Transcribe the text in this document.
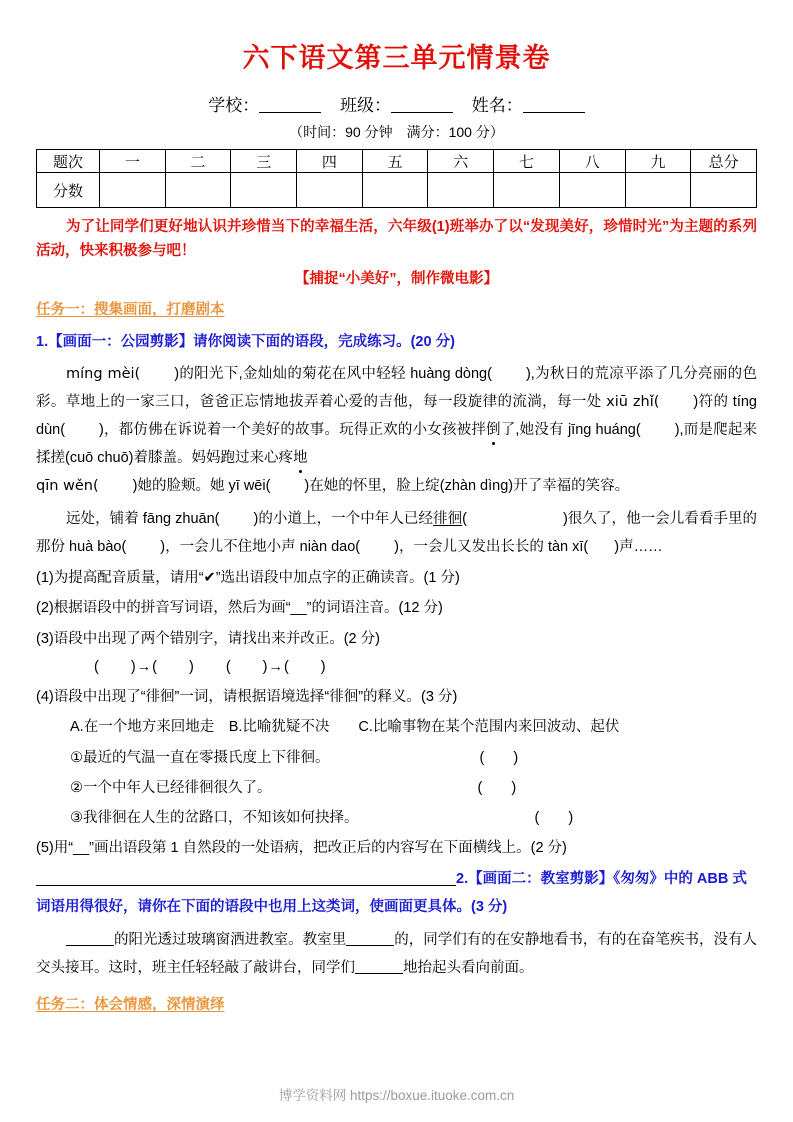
六下语文第三单元情景卷
学校：	班级：	姓名：
（时间：90 分钟　满分：100 分）
题次	一	二	三	四	五	六	七	八	九	总分
分数										
为了让同学们更好地认识并珍惜当下的幸福生活，六年级(1)班举办了以“发现美好，珍惜时光”为主题的系列活动，快来积极参与吧！
【捕捉“小美好”，制作微电影】
任务一：搜集画面，打磨剧本
1.【画面一：公园剪影】请你阅读下面的语段，完成练习。(20 分)
míng mèi( )的阳光下,金灿灿的菊花在风中轻轻 huàng dòng( ),为秋日的荒凉平添了几分亮丽的色彩。草地上的一家三口，爸爸正忘情地拔弄着心爱的吉他，每一段旋律的流淌，每一处 xiū zhǐ( )符的 tíng dùn( )，都仿佛在诉说着一个美好的故事。玩得正欢的小女孩被拌倒了,她没有 jīng huáng( ),而是爬起来揉搓(cuō chuō)着膝盖。妈妈跑过来心疼地
qīn wěn( )她的脸颊。她 yī wēi( )在她的怀里，脸上绽(zhàn dìng)开了幸福的笑容。
远处，铺着 fāng zhuān( )的小道上，一个中年人已经徘徊(	)很久了，他一会儿看看手里的那份 huà bào( )，一会儿不住地小声 niàn dao( )，一会儿又发出长长的 tàn xī( )声……
(1)为提高配音质量，请用“✔”选出语段中加点字的正确读音。(1 分)
(2)根据语段中的拼音写词语，然后为画“__”的词语注音。(12 分)
(3)语段中出现了两个错别字，请找出来并改正。(2 分)
(　　)→(　　)　　(　　)→(　　)
(4)语段中出现了“徘徊”一词，请根据语境选择“徘徊”的释义。(3 分)
A.在一个地方来回地走　B.比喻犹疑不决　　C.比喻事物在某个范围内来回波动、起伏
①最近的气温一直在零摄氏度上下徘徊。	(　　)
②一个中年人已经徘徊很久了。	(　　)
③我徘徊在人生的岔路口，不知该如何抉择。	(　　)
(5)用“__”画出语段第 1 自然段的一处语病，把改正后的内容写在下面横线上。(2 分)
2.【画面二：教室剪影】《匆匆》中的 ABB 式词语用得很好，请你在下面的语段中也用上这类词，使画面更具体。(3 分)
的阳光透过玻璃窗洒进教室。教室里	的，同学们有的在安静地看书，有的在奋笔疾书，没有人交头接耳。这时，班主任轻轻敲了敲讲台，同学们	地抬起头看向前面。
任务二：体会情感，深情演绎
博学资料网 https://boxue.ituoke.com.cn
